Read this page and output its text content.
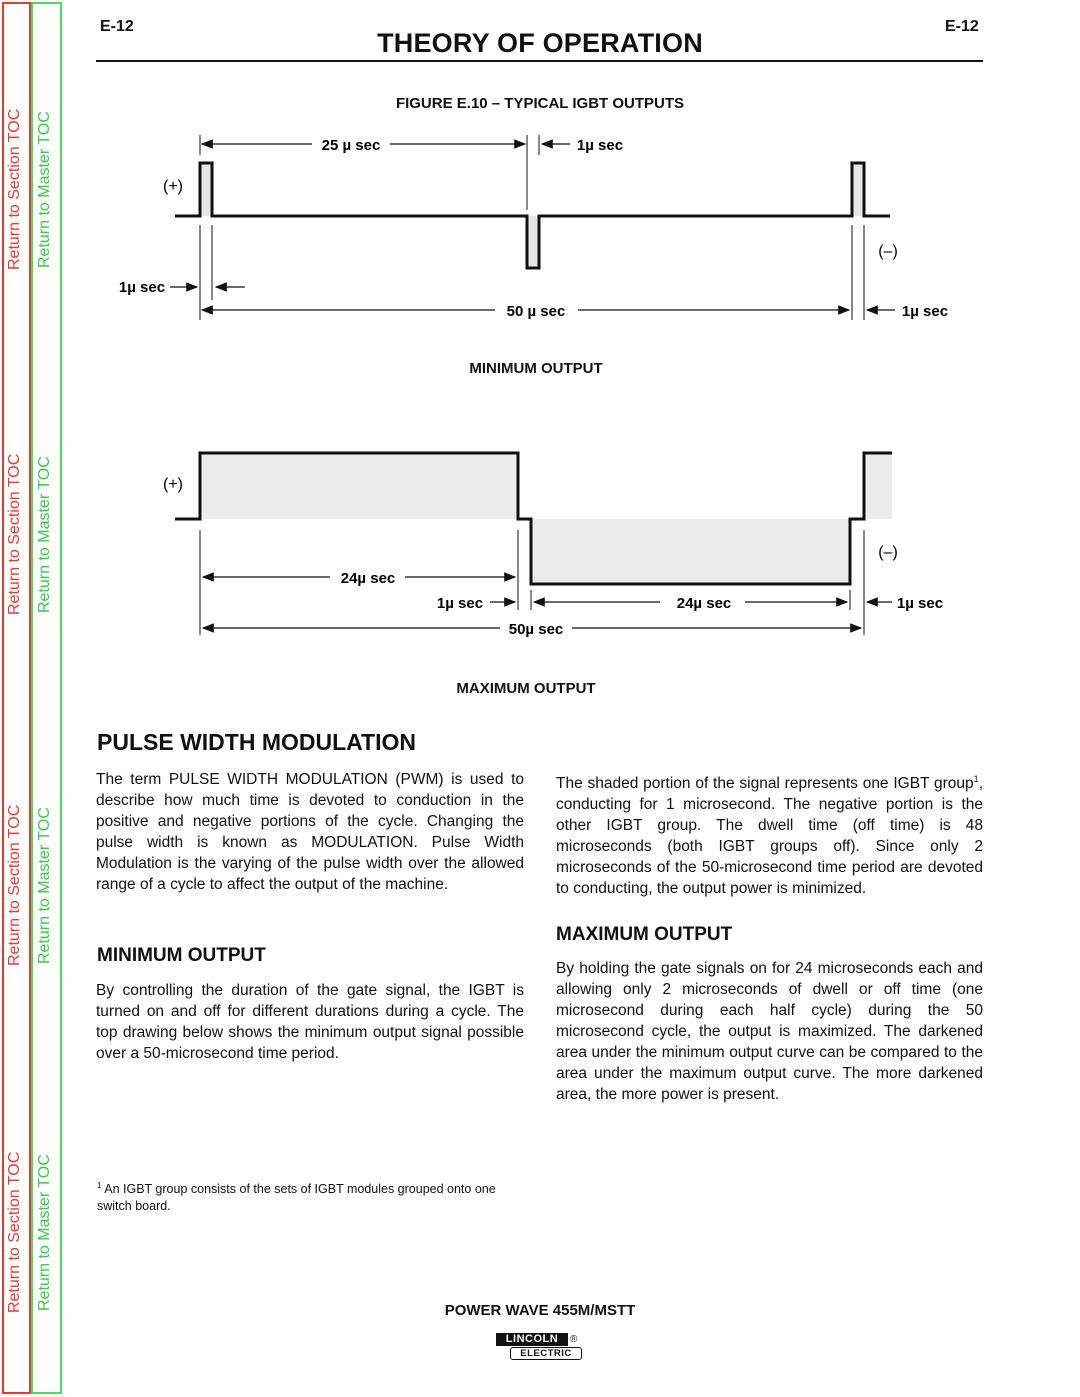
Return to Section TOC Return to Master TOC
Return to Section TOC Return to Master TOC
Return to Section TOC Return to Master TOC
Return to Section TOC Return to Master TOC
E-12	E-12
THEORY OF OPERATION
FIGURE E.10 – TYPICAL IGBT OUTPUTS
25 µ sec	1µ sec
(+)
(–)
1µ sec
50 µ sec	1µ sec
MINIMUM OUTPUT
(+)
(–)
24µ sec
1µ sec	24µ sec	1µ sec
50µ sec
MAXIMUM OUTPUT
PULSE WIDTH MODULATION
The term PULSE WIDTH MODULATION (PWM) is used to describe how much time is devoted to conduction in the positive and negative portions of the cycle. Changing the pulse width is known as MODULATION. Pulse Width Modulation is the varying of the pulse width over the allowed range of a cycle to affect the output of the machine.
MINIMUM OUTPUT
By controlling the duration of the gate signal, the IGBT is turned on and off for different durations during a cycle. The top drawing below shows the minimum output signal possible over a 50-microsecond time period.
The shaded portion of the signal represents one IGBT group$^1$, conducting for 1 microsecond. The negative portion is the other IGBT group. The dwell time (off time) is 48 microseconds (both IGBT groups off). Since only 2 microseconds of the 50-microsecond time period are devoted to conducting, the output power is minimized.
MAXIMUM OUTPUT
By holding the gate signals on for 24 microseconds each and allowing only 2 microseconds of dwell or off time (one microsecond during each half cycle) during the 50 microsecond cycle, the output is maximized. The darkened area under the minimum output curve can be compared to the area under the maximum output curve. The more darkened area, the more power is present.
$^1$ An IGBT group consists of the sets of IGBT modules grouped onto one switch board.
POWER WAVE 455M/MSTT
LINCOLN	®
ELECTRIC
